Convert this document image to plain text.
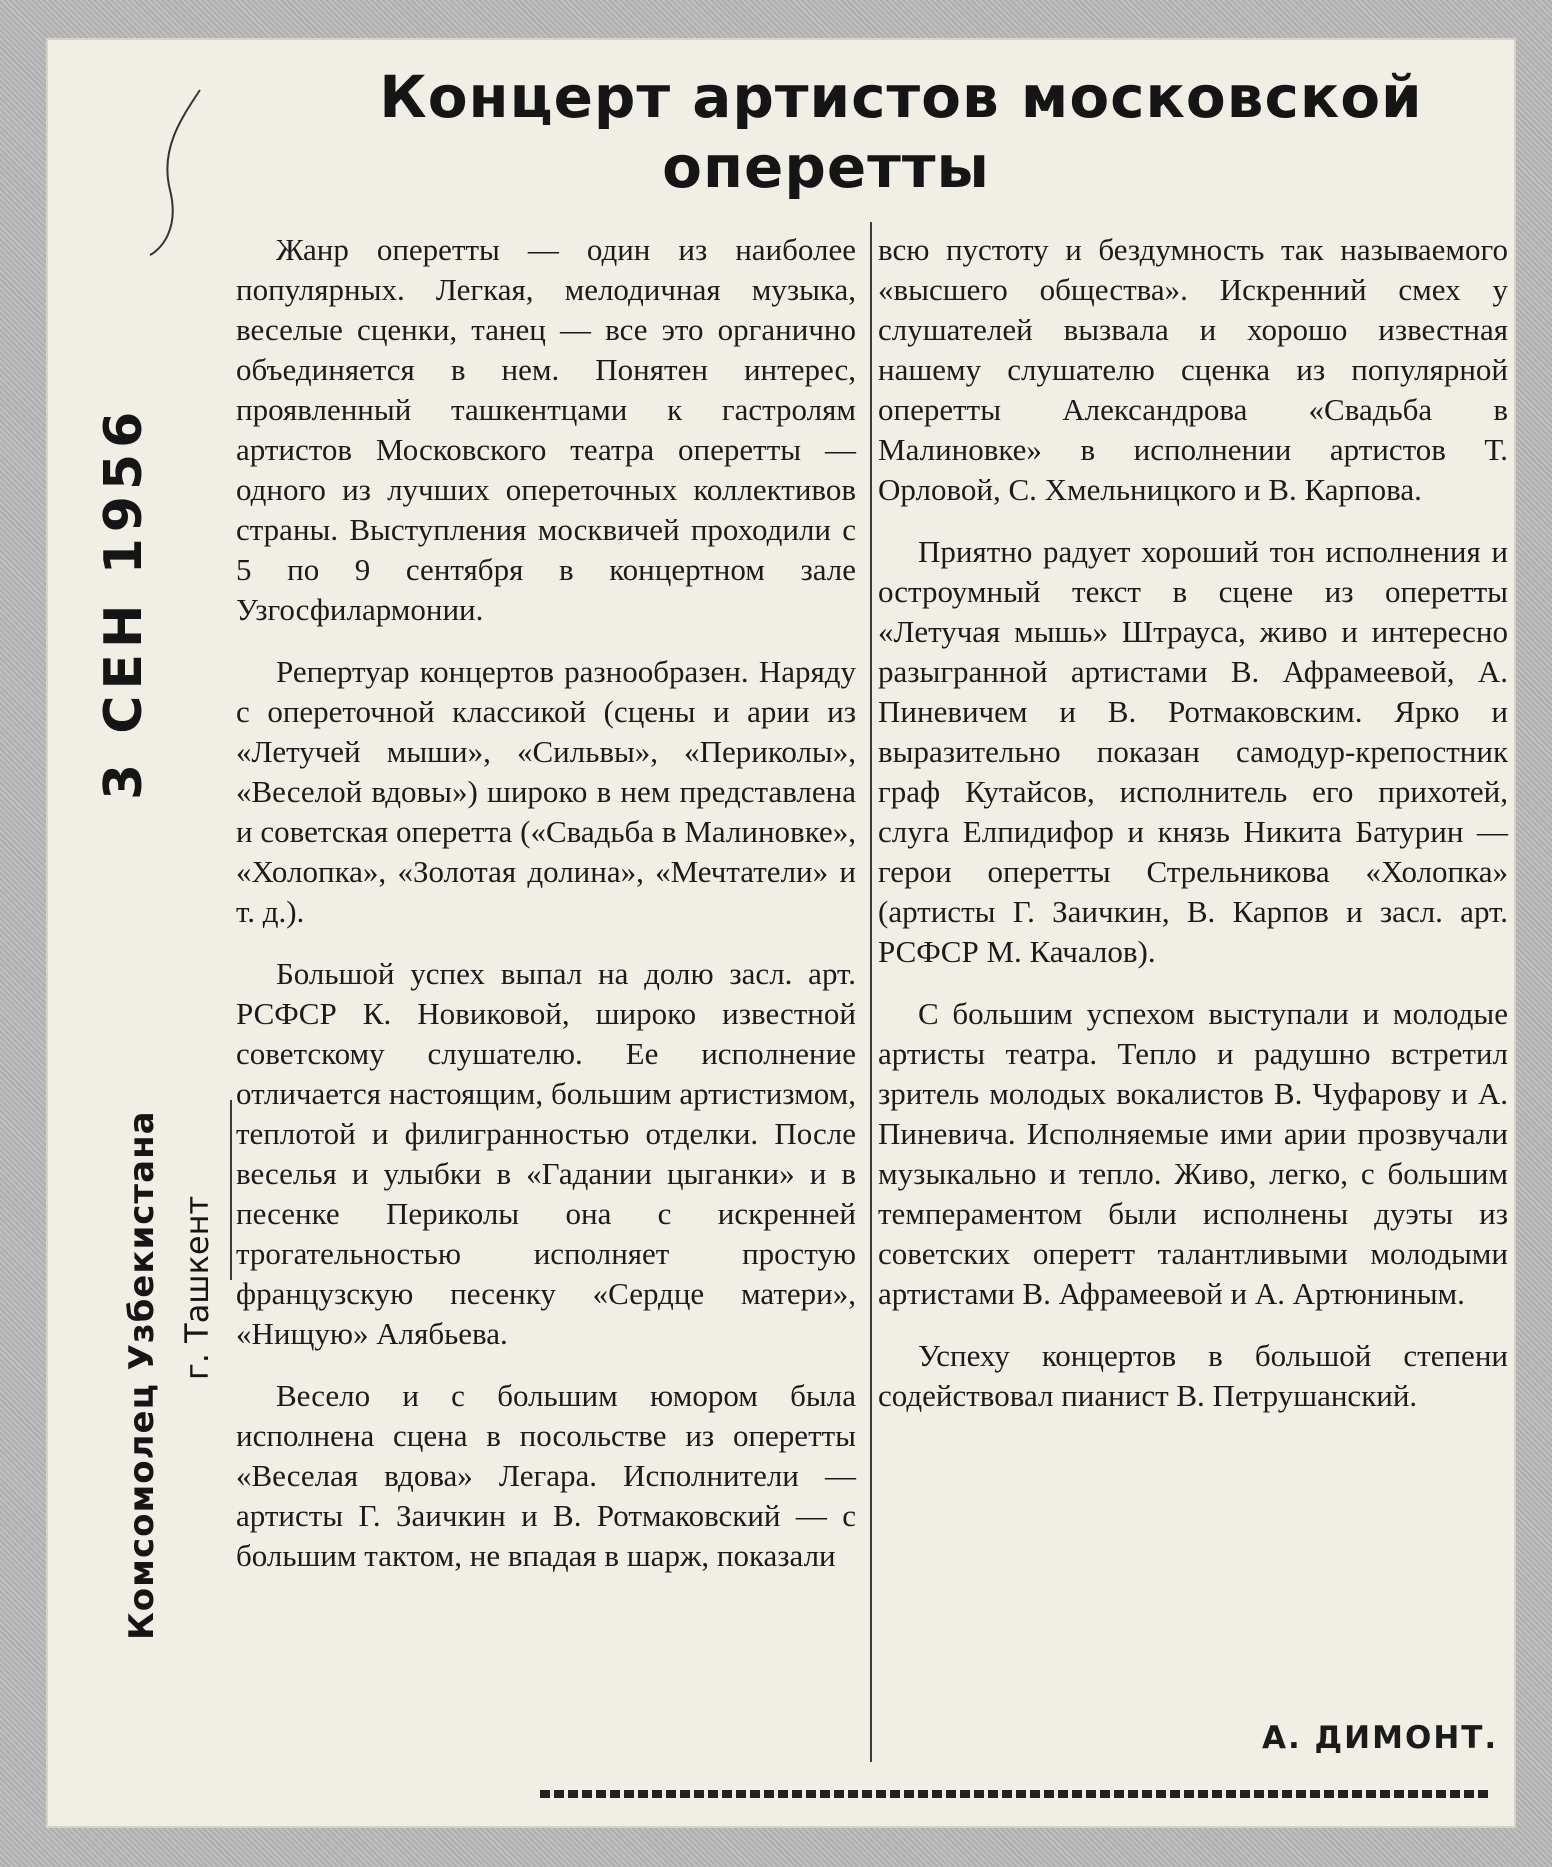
Концерт артистов московской
оперетты
3 СЕН 1956
Комсомолец Узбекистана г. Ташкент

Жанр оперетты — один из наиболее популярных. Легкая, мелодичная музыка, веселые сценки, танец — все это органично объединяется в нем. Понятен интерес, проявленный ташкентцами к гастролям артистов Московского театра оперетты — одного из лучших опереточных коллективов страны. Выступления москвичей проходили с 5 по 9 сентября в концертном зале Узгосфилармонии.

Репертуар концертов разнообразен. Наряду с опереточной классикой (сцены и арии из «Летучей мыши», «Сильвы», «Периколы», «Веселой вдовы») широко в нем представлена и советская оперетта («Свадьба в Малиновке», «Холопка», «Золотая долина», «Мечтатели» и т. д.).

Большой успех выпал на долю засл. арт. РСФСР К. Новиковой, широко известной советскому слушателю. Ее исполнение отличается настоящим, большим артистизмом, теплотой и филигранностью отделки. После веселья и улыбки в «Гадании цыганки» и в песенке Периколы она с искренней трогательностью исполняет простую французскую песенку «Сердце матери», «Нищую» Алябьева.

Весело и с большим юмором была исполнена сцена в посольстве из оперетты «Веселая вдова» Легара. Исполнители — артисты Г. Заичкин и В. Ротмаковский — с большим тактом, не впадая в шарж, показали

всю пустоту и бездумность так называемого «высшего общества». Искренний смех у слушателей вызвала и хорошо известная нашему слушателю сценка из популярной оперетты Александрова «Свадьба в Малиновке» в исполнении артистов Т. Орловой, С. Хмельницкого и В. Карпова.

Приятно радует хороший тон исполнения и остроумный текст в сцене из оперетты «Летучая мышь» Штрауса, живо и интересно разыгранной артистами В. Афрамеевой, А. Пиневичем и В. Ротмаковским. Ярко и выразительно показан самодур-крепостник граф Кутайсов, исполнитель его прихотей, слуга Елпидифор и князь Никита Батурин — герои оперетты Стрельникова «Холопка» (артисты Г. Заичкин, В. Карпов и засл. арт. РСФСР М. Качалов).

С большим успехом выступали и молодые артисты театра. Тепло и радушно встретил зритель молодых вокалистов В. Чуфарову и А. Пиневича. Исполняемые ими арии прозвучали музыкально и тепло. Живо, легко, с большим темпераментом были исполнены дуэты из советских оперетт талантливыми молодыми артистами В. Афрамеевой и А. Артюниным.

Успеху концертов в большой степени содействовал пианист В. Петрушанский.

А. ДИМОНТ.
